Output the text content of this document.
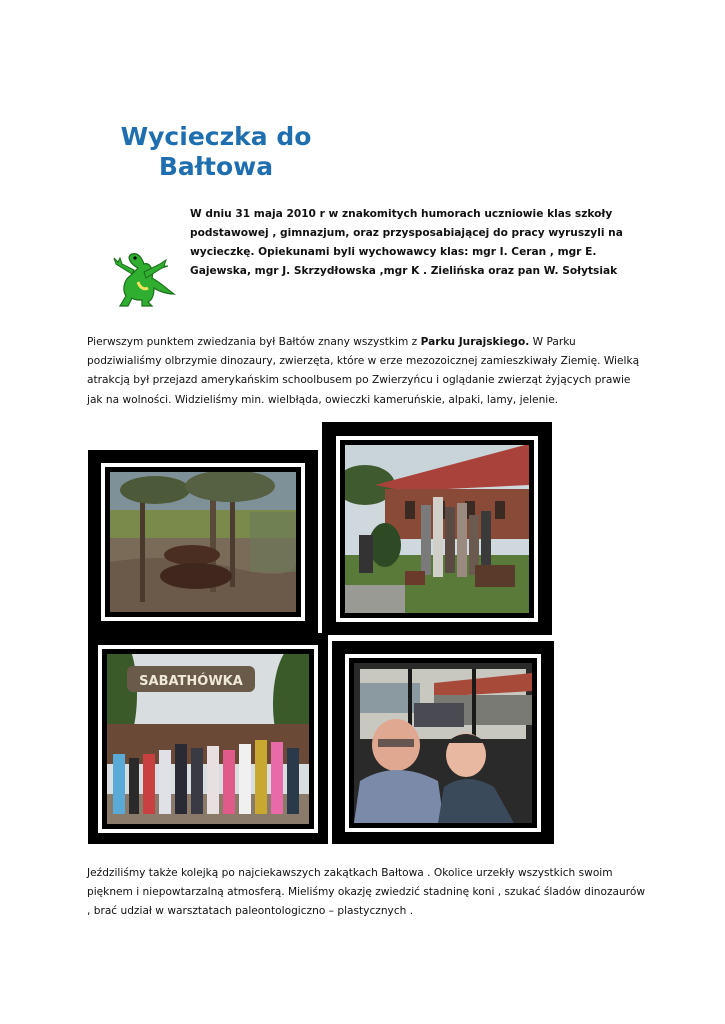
Wycieczka do Bałtowa

W dniu 31 maja 2010 r w znakomitych humorach uczniowie klas szkoły podstawowej , gimnazjum, oraz przysposabiającej do pracy wyruszyli na wycieczkę. Opiekunami byli wychowawcy klas: mgr I. Ceran , mgr E. Gajewska, mgr J. Skrzydłowska ,mgr K . Zielińska oraz pan W. Sołytsiak

Pierwszym punktem zwiedzania był Bałtów znany wszystkim z Parku Jurajskiego. W Parku podziwialiśmy olbrzymie dinozaury, zwierzęta, które w erze mezozoicznej zamieszkiwały Ziemię. Wielką atrakcją był przejazd amerykańskim schoolbusem po Zwierzyńcu i oglądanie zwierząt żyjących prawie jak na wolności. Widzieliśmy min. wielbłąda, owieczki kameruńskie, alpaki, lamy, jelenie.

SABATHÓWKA

Jeździliśmy także kolejką po najciekawszych zakątkach Bałtowa . Okolice urzekły wszystkich swoim pięknem i niepowtarzalną atmosferą. Mieliśmy okazję zwiedzić stadninę koni , szukać śladów dinozaurów , brać udział w warsztatach paleontologiczno – plastycznych .
